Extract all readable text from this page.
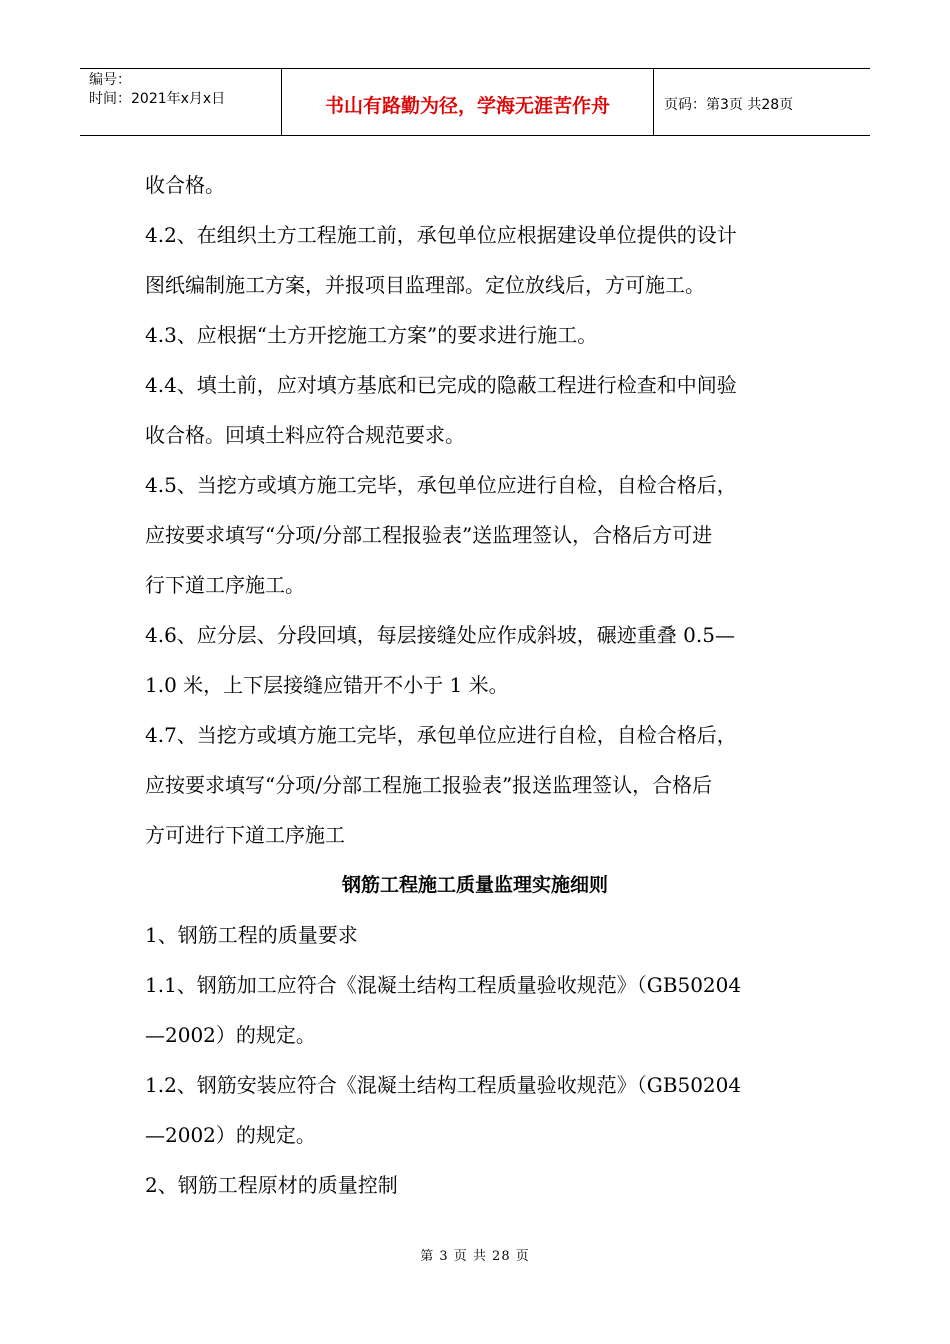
编号：
时间：2021年x月x日	书山有路勤为径，学海无涯苦作舟	页码：第3页 共28页

收合格。

4.2、在组织土方工程施工前，承包单位应根据建设单位提供的设计

图纸编制施工方案，并报项目监理部。定位放线后，方可施工。

4.3、应根据“土方开挖施工方案”的要求进行施工。

4.4、填土前，应对填方基底和已完成的隐蔽工程进行检查和中间验

收合格。回填土料应符合规范要求。

4.5、当挖方或填方施工完毕，承包单位应进行自检，自检合格后，

应按要求填写“分项/分部工程报验表”送监理签认，合格后方可进

行下道工序施工。

4.6、应分层、分段回填，每层接缝处应作成斜坡，碾迹重叠 0.5—

1.0 米，上下层接缝应错开不小于 1 米。

4.7、当挖方或填方施工完毕，承包单位应进行自检，自检合格后，

应按要求填写“分项/分部工程施工报验表”报送监理签认，合格后

方可进行下道工序施工

钢筋工程施工质量监理实施细则

1、钢筋工程的质量要求

1.1、钢筋加工应符合《混凝土结构工程质量验收规范》（GB50204

—2002）的规定。

1.2、钢筋安装应符合《混凝土结构工程质量验收规范》（GB50204

—2002）的规定。

2、钢筋工程原材的质量控制

第 3 页 共 28 页
